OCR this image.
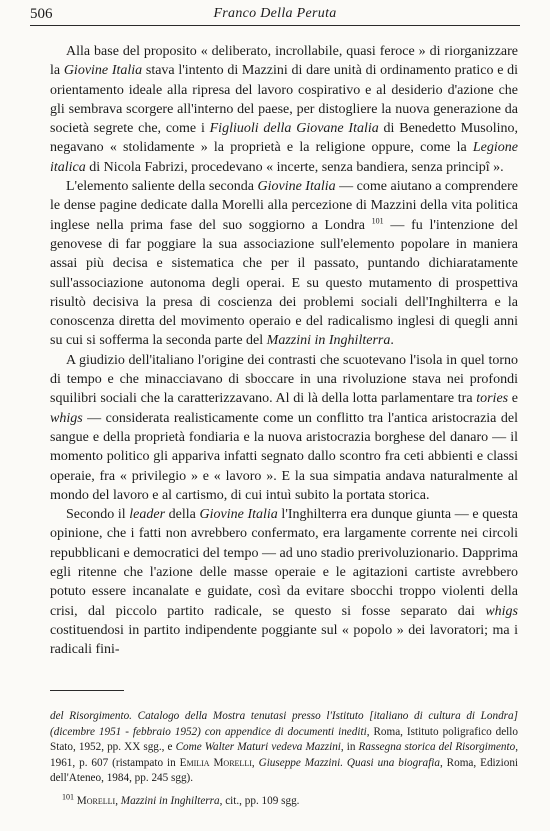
506	Franco Della Peruta

Alla base del proposito « deliberato, incrollabile, quasi feroce » di riorganizzare la Giovine Italia stava l'intento di Mazzini di dare unità di ordinamento pratico e di orientamento ideale alla ripresa del lavoro cospirativo e al desiderio d'azione che gli sembrava scorgere all'interno del paese, per distogliere la nuova generazione da società segrete che, come i Figliuoli della Giovane Italia di Benedetto Musolino, negavano « stolidamente » la proprietà e la religione oppure, come la Legione italica di Nicola Fabrizi, procedevano « incerte, senza bandiera, senza principî ».

L'elemento saliente della seconda Giovine Italia — come aiutano a comprendere le dense pagine dedicate dalla Morelli alla percezione di Mazzini della vita politica inglese nella prima fase del suo soggiorno a Londra $^{101}$ — fu l'intenzione del genovese di far poggiare la sua associazione sull'elemento popolare in maniera assai più decisa e sistematica che per il passato, puntando dichiaratamente sull'associazione autonoma degli operai. E su questo mutamento di prospettiva risultò decisiva la presa di coscienza dei problemi sociali dell'Inghilterra e la conoscenza diretta del movimento operaio e del radicalismo inglesi di quegli anni su cui si sofferma la seconda parte del Mazzini in Inghilterra.

A giudizio dell'italiano l'origine dei contrasti che scuotevano l'isola in quel torno di tempo e che minacciavano di sboccare in una rivoluzione stava nei profondi squilibri sociali che la caratterizzavano. Al di là della lotta parlamentare tra tories e whigs — considerata realisticamente come un conflitto tra l'antica aristocrazia del sangue e della proprietà fondiaria e la nuova aristocrazia borghese del danaro — il momento politico gli appariva infatti segnato dallo scontro fra ceti abbienti e classi operaie, fra « privilegio » e « lavoro ». E la sua simpatia andava naturalmente al mondo del lavoro e al cartismo, di cui intuì subito la portata storica.

Secondo il leader della Giovine Italia l'Inghilterra era dunque giunta — e questa opinione, che i fatti non avrebbero confermato, era largamente corrente nei circoli repubblicani e democratici del tempo — ad uno stadio prerivoluzionario. Dapprima egli ritenne che l'azione delle masse operaie e le agitazioni cartiste avrebbero potuto essere incanalate e guidate, così da evitare sbocchi troppo violenti della crisi, dal piccolo partito radicale, se questo si fosse separato dai whigs costituendosi in partito indipendente poggiante sul « popolo » dei lavoratori; ma i radicali fini-

del Risorgimento. Catalogo della Mostra tenutasi presso l'Istituto [italiano di cultura di Londra] (dicembre 1951 - febbraio 1952) con appendice di documenti inediti, Roma, Istituto poligrafico dello Stato, 1952, pp. XX sgg., e Come Walter Maturi vedeva Mazzini, in Rassegna storica del Risorgimento, 1961, p. 607 (ristampato in Emilia Morelli, Giuseppe Mazzini. Quasi una biografia, Roma, Edizioni dell'Ateneo, 1984, pp. 245 sgg).

$^{101}$ Morelli, Mazzini in Inghilterra, cit., pp. 109 sgg.
